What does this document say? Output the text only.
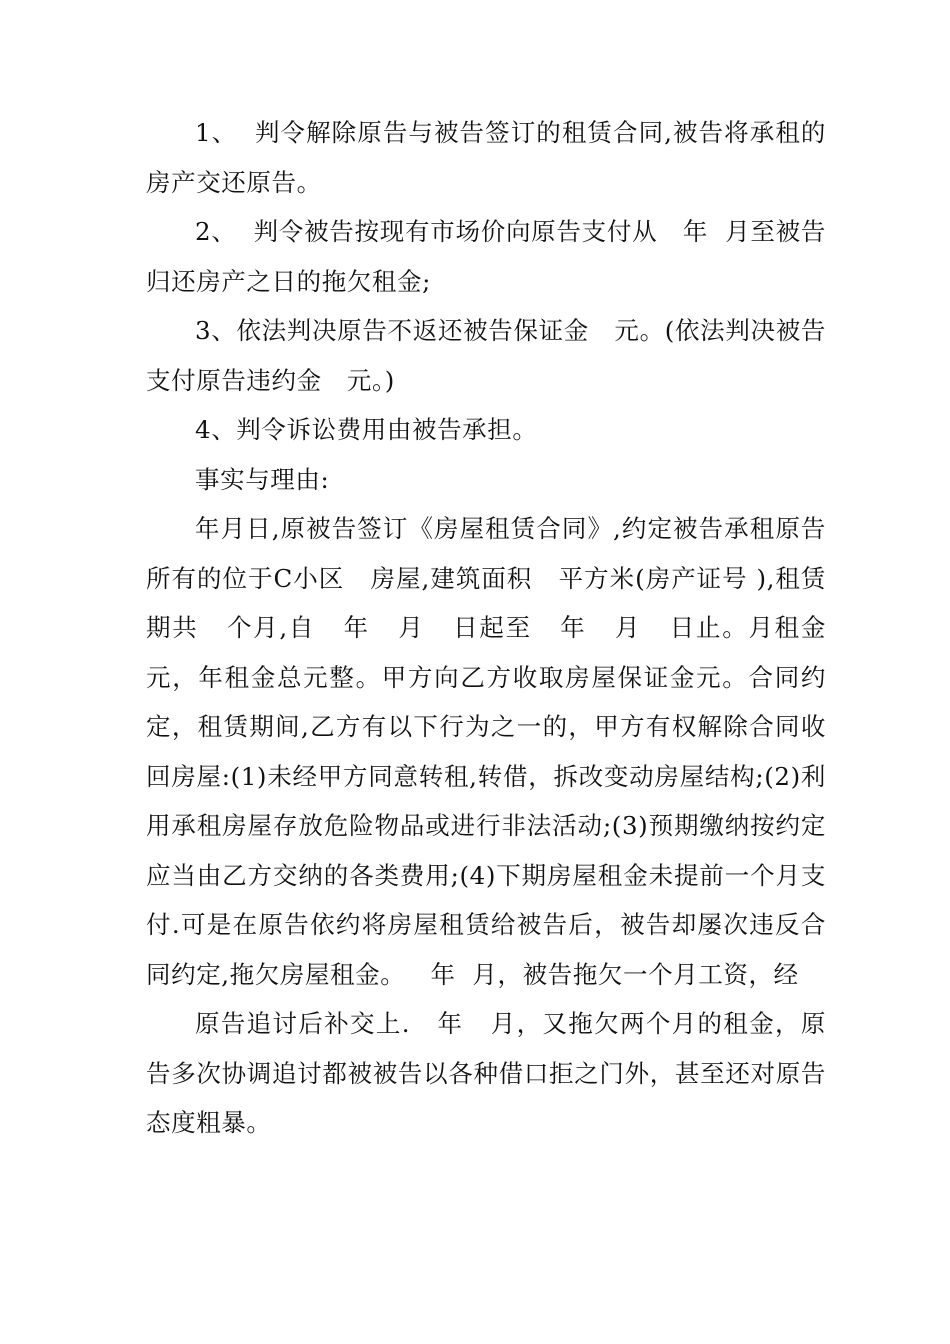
1、  判令解除原告与被告签订的租赁合同,被告将承租的房产交还原告。

2、  判令被告按现有市场价向原告支付从   年  月至被告归还房产之日的拖欠租金;

3、依法判决原告不返还被告保证金   元。(依法判决被告支付原告违约金   元。)

4、判令诉讼费用由被告承担。

事实与理由:

年月日,原被告签订《房屋租赁合同》,约定被告承租原告所有的位于C小区   房屋,建筑面积   平方米(房产证号 ),租赁期共   个月,自   年   月   日起至   年   月   日止。月租金元，年租金总元整。甲方向乙方收取房屋保证金元。合同约定，租赁期间,乙方有以下行为之一的，甲方有权解除合同收回房屋:(1)未经甲方同意转租,转借，拆改变动房屋结构;(2)利用承租房屋存放危险物品或进行非法活动;(3)预期缴纳按约定应当由乙方交纳的各类费用;(4)下期房屋租金未提前一个月支付.可是在原告依约将房屋租赁给被告后，被告却屡次违反合同约定,拖欠房屋租金。   年  月，被告拖欠一个月工资，经

原告追讨后补交上.   年   月，又拖欠两个月的租金，原告多次协调追讨都被被告以各种借口拒之门外，甚至还对原告态度粗暴。
